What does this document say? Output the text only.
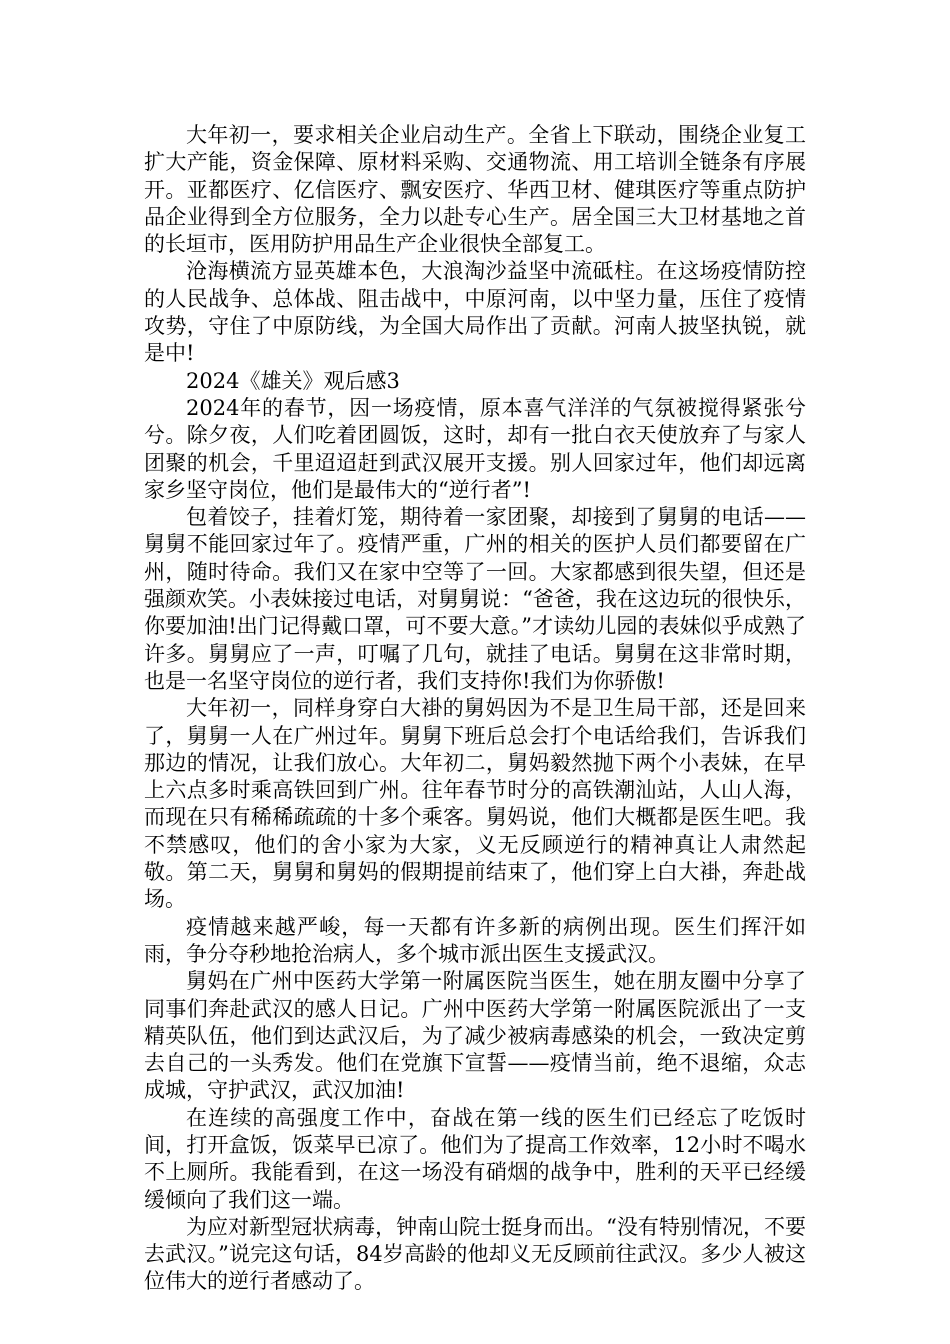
大年初一，要求相关企业启动生产。全省上下联动，围绕企业复工扩大产能，资金保障、原材料采购、交通物流、用工培训全链条有序展开。亚都医疗、亿信医疗、飘安医疗、华西卫材、健琪医疗等重点防护品企业得到全方位服务，全力以赴专心生产。居全国三大卫材基地之首的长垣市，医用防护用品生产企业很快全部复工。

沧海横流方显英雄本色，大浪淘沙益坚中流砥柱。在这场疫情防控的人民战争、总体战、阻击战中，中原河南，以中坚力量，压住了疫情攻势，守住了中原防线，为全国大局作出了贡献。河南人披坚执锐，就是中!

2024《雄关》观后感3

2024年的春节，因一场疫情，原本喜气洋洋的气氛被搅得紧张兮兮。除夕夜，人们吃着团圆饭，这时，却有一批白衣天使放弃了与家人团聚的机会，千里迢迢赶到武汉展开支援。别人回家过年，他们却远离家乡坚守岗位，他们是最伟大的“逆行者”!

包着饺子，挂着灯笼，期待着一家团聚，却接到了舅舅的电话——舅舅不能回家过年了。疫情严重，广州的相关的医护人员们都要留在广州，随时待命。我们又在家中空等了一回。大家都感到很失望，但还是强颜欢笑。小表妹接过电话，对舅舅说：“爸爸，我在这边玩的很快乐，你要加油!出门记得戴口罩，可不要大意。”才读幼儿园的表妹似乎成熟了许多。舅舅应了一声，叮嘱了几句，就挂了电话。舅舅在这非常时期，也是一名坚守岗位的逆行者，我们支持你!我们为你骄傲!

大年初一，同样身穿白大褂的舅妈因为不是卫生局干部，还是回来了，舅舅一人在广州过年。舅舅下班后总会打个电话给我们，告诉我们那边的情况，让我们放心。大年初二，舅妈毅然抛下两个小表妹，在早上六点多时乘高铁回到广州。往年春节时分的高铁潮汕站，人山人海，而现在只有稀稀疏疏的十多个乘客。舅妈说，他们大概都是医生吧。我不禁感叹，他们的舍小家为大家，义无反顾逆行的精神真让人肃然起敬。第二天，舅舅和舅妈的假期提前结束了，他们穿上白大褂，奔赴战场。

疫情越来越严峻，每一天都有许多新的病例出现。医生们挥汗如雨，争分夺秒地抢治病人，多个城市派出医生支援武汉。

舅妈在广州中医药大学第一附属医院当医生，她在朋友圈中分享了同事们奔赴武汉的感人日记。广州中医药大学第一附属医院派出了一支精英队伍，他们到达武汉后，为了减少被病毒感染的机会，一致决定剪去自己的一头秀发。他们在党旗下宣誓——疫情当前，绝不退缩，众志成城，守护武汉，武汉加油!

在连续的高强度工作中，奋战在第一线的医生们已经忘了吃饭时间，打开盒饭，饭菜早已凉了。他们为了提高工作效率，12小时不喝水不上厕所。我能看到，在这一场没有硝烟的战争中，胜利的天平已经缓缓倾向了我们这一端。

为应对新型冠状病毒，钟南山院士挺身而出。“没有特别情况，不要去武汉。”说完这句话，84岁高龄的他却义无反顾前往武汉。多少人被这位伟大的逆行者感动了。
